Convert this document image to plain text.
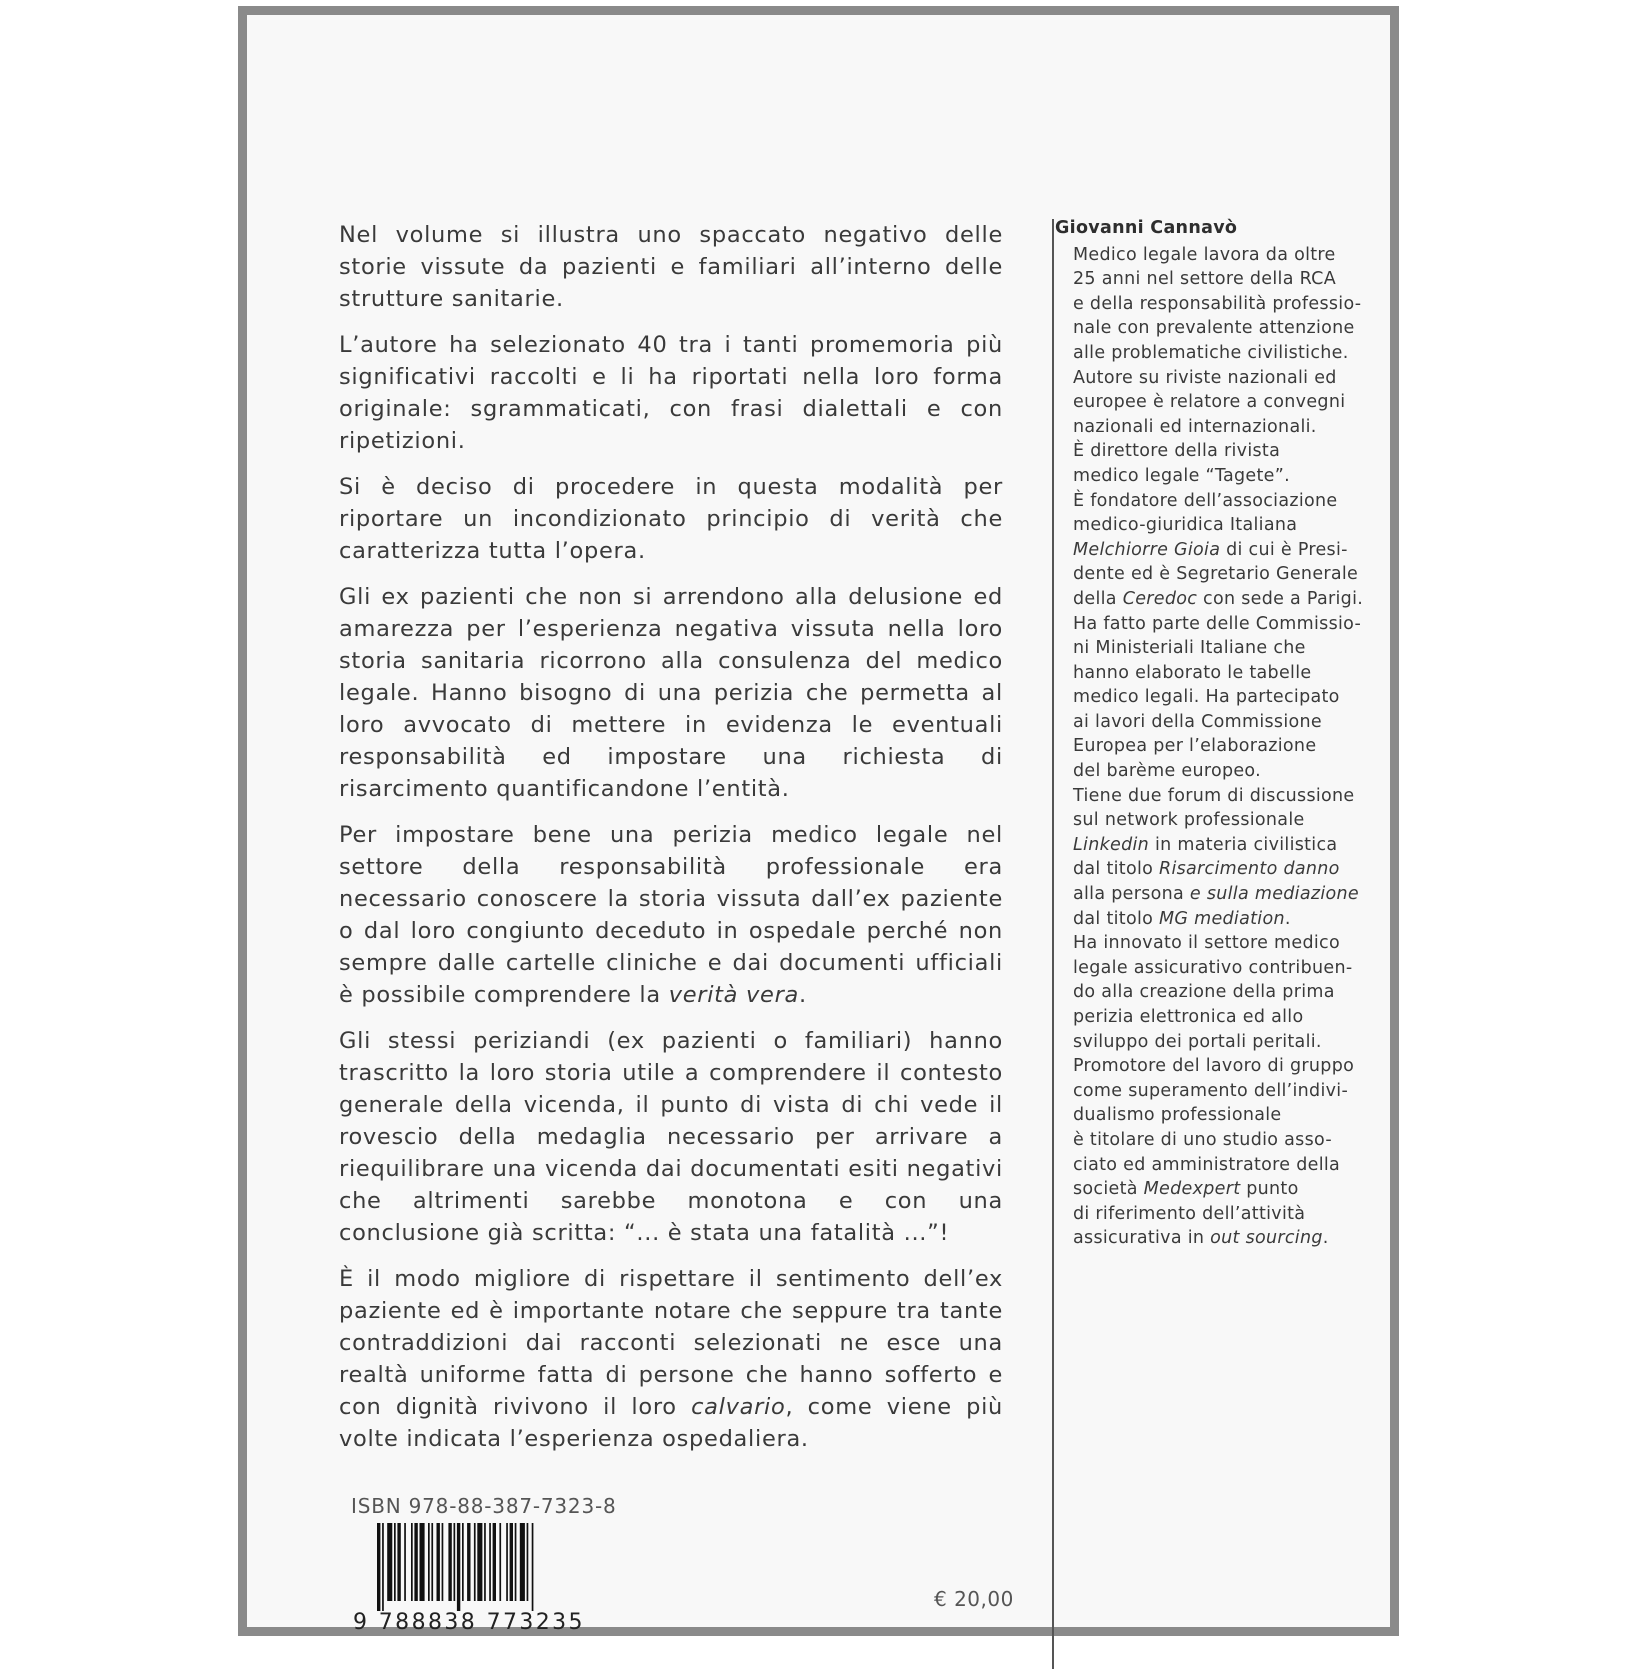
Nel volume si illustra uno spaccato negativo delle storie vissute da pazienti e familiari all’interno delle strutture sanitarie.

L’autore ha selezionato 40 tra i tanti promemoria più significativi raccolti e li ha riportati nella loro forma originale: sgrammaticati, con frasi dialettali e con ripetizioni.

Si è deciso di procedere in questa modalità per riportare un incondizionato principio di verità che caratterizza tutta l’opera.

Gli ex pazienti che non si arrendono alla delusione ed amarezza per l’esperienza negativa vissuta nella loro storia sanitaria ricorrono alla consulenza del medico legale. Hanno bisogno di una perizia che permetta al loro avvocato di mettere in evidenza le eventuali responsabilità ed impostare una richiesta di risarcimento quantificandone l’entità.

Per impostare bene una perizia medico legale nel settore della responsabilità professionale era necessario conoscere la storia vissuta dall’ex paziente o dal loro congiunto deceduto in ospedale perché non sempre dalle cartelle cliniche e dai documenti ufficiali è possibile comprendere la verità vera.

Gli stessi periziandi (ex pazienti o familiari) hanno trascritto la loro storia utile a comprendere il contesto generale della vicenda, il punto di vista di chi vede il rovescio della medaglia necessario per arrivare a riequilibrare una vicenda dai documentati esiti negativi che altrimenti sarebbe monotona e con una conclusione già scritta: “... è stata una fatalità ...”!

È il modo migliore di rispettare il sentimento dell’ex paziente ed è importante notare che seppure tra tante contraddizioni dai racconti selezionati ne esce una realtà uniforme fatta di persone che hanno sofferto e con dignità rivivono il loro calvario, come viene più volte indicata l’esperienza ospedaliera.

Giovanni Cannavò
Medico legale lavora da oltre
25 anni nel settore della RCA
e della responsabilità professio-
nale con prevalente attenzione
alle problematiche civilistiche.
Autore su riviste nazionali ed
europee è relatore a convegni
nazionali ed internazionali.
È direttore della rivista
medico legale “Tagete”.
È fondatore dell’associazione
medico-giuridica Italiana
Melchiorre Gioia di cui è Presi-
dente ed è Segretario Generale
della Ceredoc con sede a Parigi.
Ha fatto parte delle Commissio-
ni Ministeriali Italiane che
hanno elaborato le tabelle
medico legali. Ha partecipato
ai lavori della Commissione
Europea per l’elaborazione
del barème europeo.
Tiene due forum di discussione
sul network professionale
Linkedin in materia civilistica
dal titolo Risarcimento danno
alla persona e sulla mediazione
dal titolo MG mediation.
Ha innovato il settore medico
legale assicurativo contribuen-
do alla creazione della prima
perizia elettronica ed allo
sviluppo dei portali peritali.
Promotore del lavoro di gruppo
come superamento dell’indivi-
dualismo professionale
è titolare di uno studio asso-
ciato ed amministratore della
società Medexpert punto
di riferimento dell’attività
assicurativa in out sourcing.
ISBN 978-88-387-7323-8
9 788838 773235
€ 20,00
